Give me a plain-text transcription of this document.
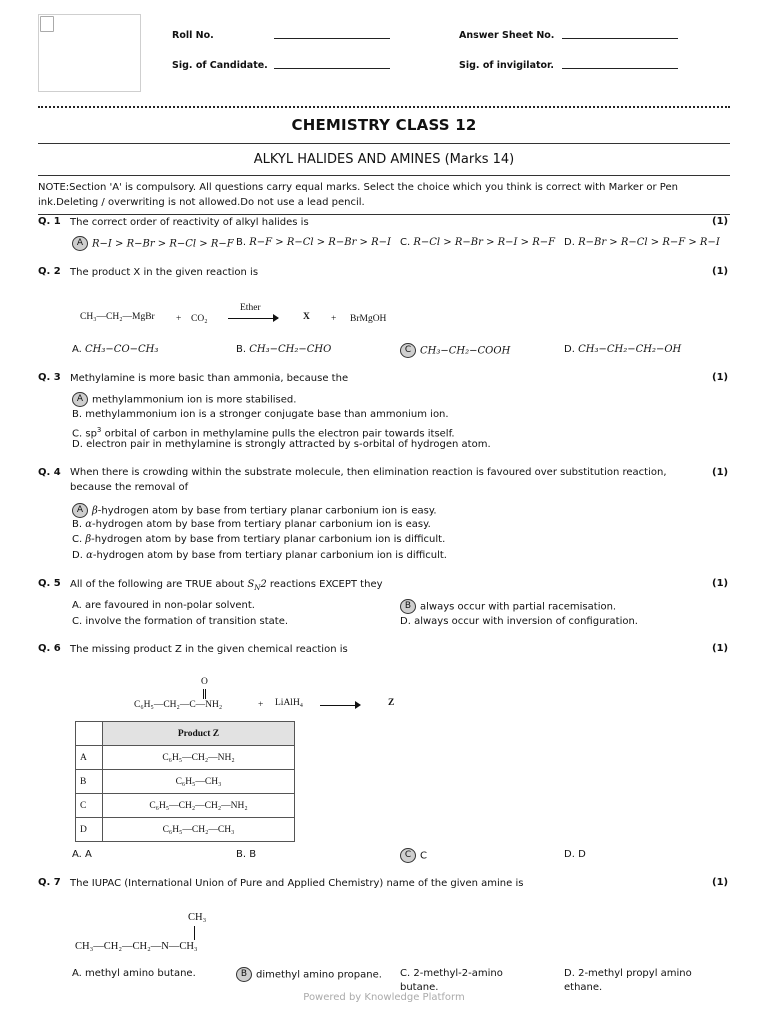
Roll No.	Answer Sheet No.
Sig. of Candidate.	Sig. of invigilator.
CHEMISTRY CLASS 12
ALKYL HALIDES AND AMINES (Marks 14)
NOTE:Section 'A' is compulsory. All questions carry equal marks. Select the choice which you think is correct with Marker or Pen ink.Deleting / overwriting is not allowed.Do not use a lead pencil.
Q. 1 The correct order of reactivity of alkyl halides is	(1)
A R−I > R−Br > R−Cl > R−F B. R−F > R−Cl > R−Br > R−I C. R−Cl > R−Br > R−I > R−F D. R−Br > R−Cl > R−F > R−I
Q. 2 The product X in the given reaction is	(1)
CH₃—CH₂—MgBr + CO₂
Ether
X + BrMgOH
A. CH₃−CO−CH₃	B. CH₃−CH₂−CHO	C CH₃−CH₂−COOH	D. CH₃−CH₂−CH₂−OH
Q. 3 Methylamine is more basic than ammonia, because the	(1)
A methylammonium ion is more stabilised.
B. methylammonium ion is a stronger conjugate base than ammonium ion.
C. $sp^3$ orbital of carbon in methylamine pulls the electron pair towards itself.
D. electron pair in methylamine is strongly attracted by s-orbital of hydrogen atom.
Q. 4 When there is crowding within the substrate molecule, then elimination reaction is favoured over substitution reaction, because the removal of
(1)
A β-hydrogen atom by base from tertiary planar carbonium ion is easy.
B. α-hydrogen atom by base from tertiary planar carbonium ion is easy.
C. β-hydrogen atom by base from tertiary planar carbonium ion is difficult.
D. α-hydrogen atom by base from tertiary planar carbonium ion is difficult.
Q. 5 All of the following are TRUE about $S_N2$ reactions EXCEPT they	(1)
A. are favoured in non-polar solvent.	B always occur with partial racemisation.
C. involve the formation of transition state.	D. always occur with inversion of configuration.
Q. 6 The missing product Z in the given chemical reaction is	(1)
O
C₆H₅—CH₂—C—NH₂	+ LiAlH₄	Z
	Product Z
A	C₆H₅—CH₂—NH₂
B	C₆H₅—CH₃
C	C₆H₅—CH₂—CH₂—NH₂
D	C₆H₅—CH₂—CH₃
A. A	B. B	C C	D. D
Q. 7 The IUPAC (International Union of Pure and Applied Chemistry) name of the given amine is	(1)
CH₃
CH₃—CH₂—CH₂—N—CH₃
A. methyl amino butane.	B dimethyl amino propane. C. 2-methyl-2-amino butane.
D. 2-methyl propyl amino ethane.
Powered by Knowledge Platform
